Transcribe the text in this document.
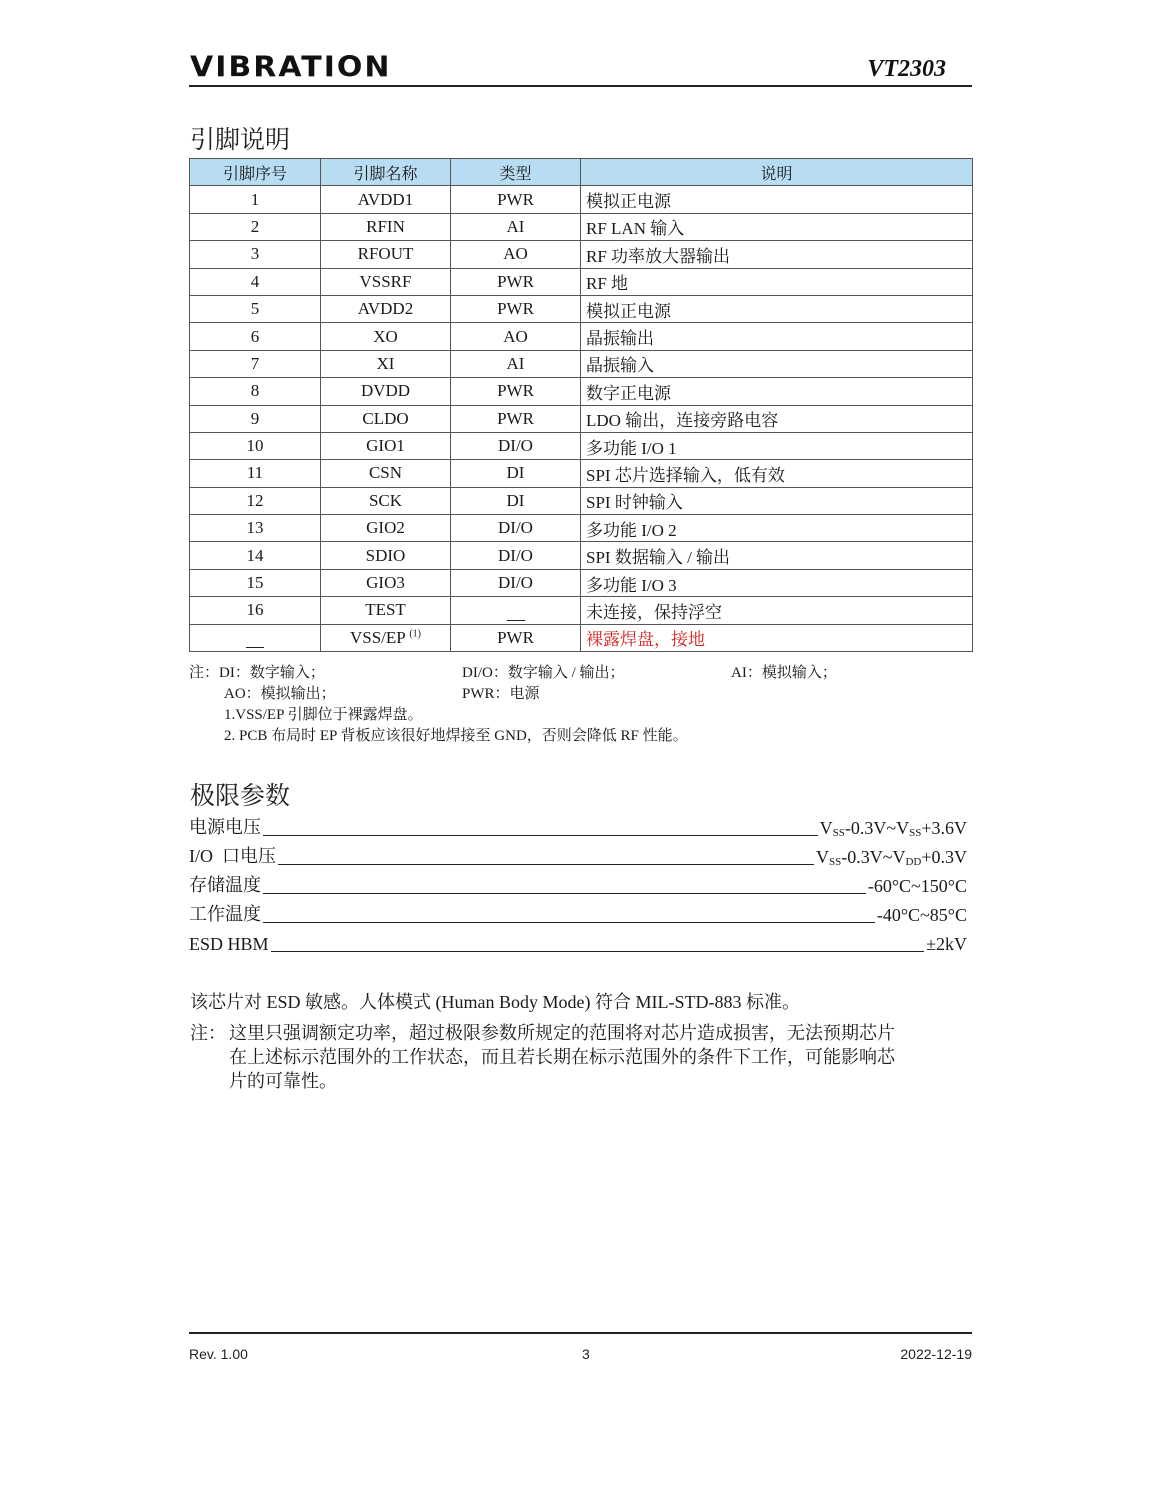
VIBRATION	VT2303
引脚说明
引脚序号	引脚名称	类型	说明
1	AVDD1	PWR	模拟正电源
2	RFIN	AI	RF LAN 输入
3	RFOUT	AO	RF 功率放大器输出
4	VSSRF	PWR	RF 地
5	AVDD2	PWR	模拟正电源
6	XO	AO	晶振输出
7	XI	AI	晶振输入
8	DVDD	PWR	数字正电源
9	CLDO	PWR	LDO 输出，连接旁路电容
10	GIO1	DI/O	多功能 I/O 1
11	CSN	DI	SPI 芯片选择输入，低有效
12	SCK	DI	SPI 时钟输入
13	GIO2	DI/O	多功能 I/O 2
14	SDIO	DI/O	SPI 数据输入 / 输出
15	GIO3	DI/O	多功能 I/O 3
16	TEST		未连接，保持浮空
	VSS/EP $^{(1)}$	PWR	裸露焊盘，接地
注：DI：数字输入；	DI/O：数字输入 / 输出；	AI：模拟输入；
AO：模拟输出；	PWR：电源
1.VSS/EP 引脚位于裸露焊盘。
2. PCB 布局时 EP 背板应该很好地焊接至 GND，否则会降低 RF 性能。
极限参数
电源电压	VSS-0.3V~VSS+3.6V
I/O  口电压	VSS-0.3V~VDD+0.3V
存储温度	-60°C~150°C
工作温度	-40°C~85°C
ESD HBM	±2kV
该芯片对 ESD 敏感。人体模式 (Human Body Mode) 符合 MIL-STD-883 标准。
注： 这里只强调额定功率，超过极限参数所规定的范围将对芯片造成损害，无法预期芯片
在上述标示范围外的工作状态，而且若长期在标示范围外的条件下工作，可能影响芯
片的可靠性。
Rev. 1.00	3	2022-12-19
